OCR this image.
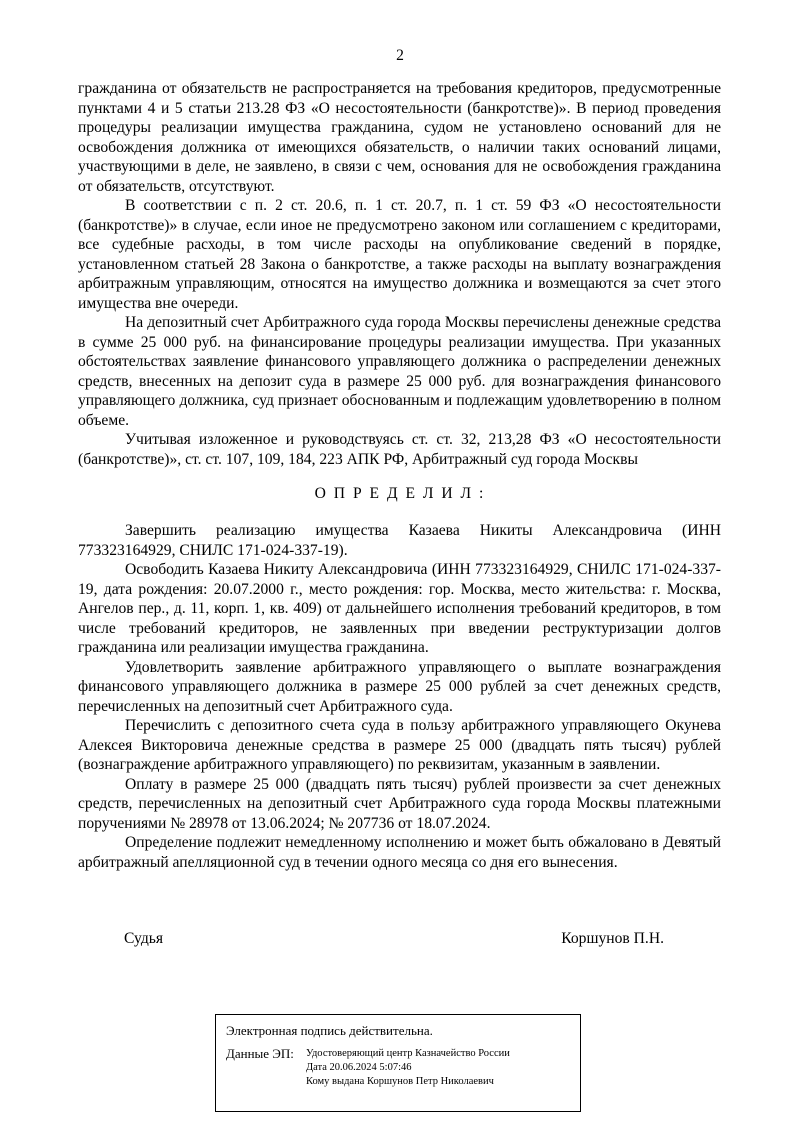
2

гражданина от обязательств не распространяется на требования кредиторов, предусмотренные пунктами 4 и 5 статьи 213.28 ФЗ «О несостоятельности (банкротстве)». В период проведения процедуры реализации имущества гражданина, судом не установлено оснований для не освобождения должника от имеющихся обязательств, о наличии таких оснований лицами, участвующими в деле, не заявлено, в связи с чем, основания для не освобождения гражданина от обязательств, отсутствуют.

В соответствии с п. 2 ст. 20.6, п. 1 ст. 20.7, п. 1 ст. 59 ФЗ «О несостоятельности (банкротстве)» в случае, если иное не предусмотрено законом или соглашением с кредиторами, все судебные расходы, в том числе расходы на опубликование сведений в порядке, установленном статьей 28 Закона о банкротстве, а также расходы на выплату вознаграждения арбитражным управляющим, относятся на имущество должника и возмещаются за счет этого имущества вне очереди.

На депозитный счет Арбитражного суда города Москвы перечислены денежные средства в сумме 25 000 руб. на финансирование процедуры реализации имущества. При указанных обстоятельствах заявление финансового управляющего должника о распределении денежных средств, внесенных на депозит суда в размере 25 000 руб. для вознаграждения финансового управляющего должника, суд признает обоснованным и подлежащим удовлетворению в полном объеме.

Учитывая изложенное и руководствуясь ст. ст. 32, 213,28 ФЗ «О несостоятельности (банкротстве)», ст. ст. 107, 109, 184, 223 АПК РФ, Арбитражный суд города Москвы

О П Р Е Д Е Л И Л :

Завершить реализацию имущества Казаева Никиты Александровича (ИНН 773323164929, СНИЛС 171-024-337-19).

Освободить Казаева Никиту Александровича (ИНН 773323164929, СНИЛС 171-024-337-19, дата рождения: 20.07.2000 г., место рождения: гор. Москва, место жительства: г. Москва, Ангелов пер., д. 11, корп. 1, кв. 409) от дальнейшего исполнения требований кредиторов, в том числе требований кредиторов, не заявленных при введении реструктуризации долгов гражданина или реализации имущества гражданина.

Удовлетворить заявление арбитражного управляющего о выплате вознаграждения финансового управляющего должника в размере 25 000 рублей за счет денежных средств, перечисленных на депозитный счет Арбитражного суда.

Перечислить с депозитного счета суда в пользу арбитражного управляющего Окунева Алексея Викторовича денежные средства в размере 25 000 (двадцать пять тысяч) рублей (вознаграждение арбитражного управляющего) по реквизитам, указанным в заявлении.

Оплату в размере 25 000 (двадцать пять тысяч) рублей произвести за счет денежных средств, перечисленных на депозитный счет Арбитражного суда города Москвы платежными поручениями № 28978 от 13.06.2024; № 207736 от 18.07.2024.

Определение подлежит немедленному исполнению и может быть обжаловано в Девятый арбитражный апелляционной суд в течении одного месяца со дня его вынесения.

Судья	Коршунов П.Н.
Электронная подпись действительна.
Данные ЭП: Удостоверяющий центр Казначейство России
Дата 20.06.2024 5:07:46
Кому выдана Коршунов Петр Николаевич
